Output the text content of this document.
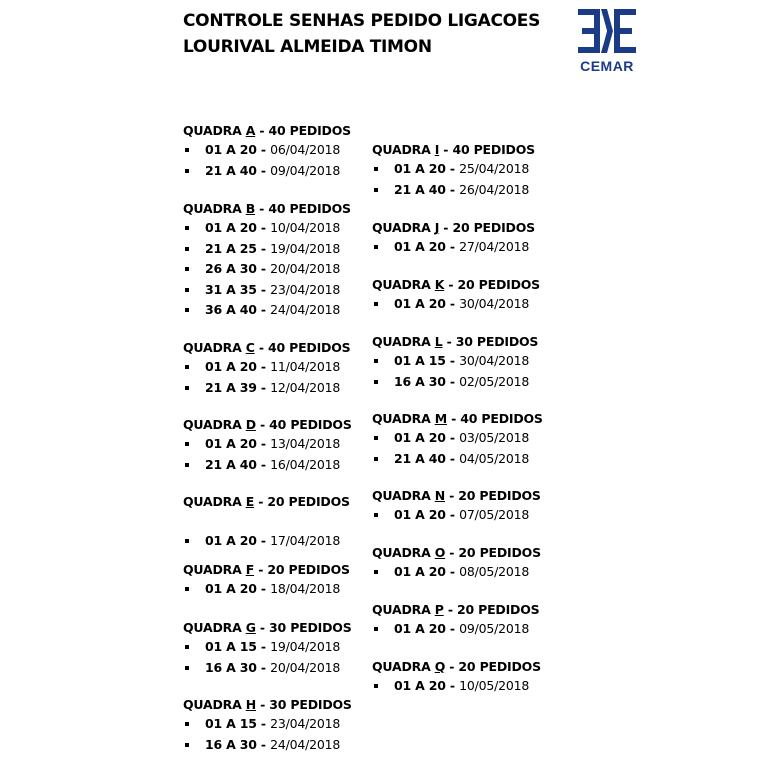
CONTROLE SENHAS PEDIDO LIGACOES
LOURIVAL ALMEIDA TIMON
CEMAR
QUADRA A - 40 PEDIDOS
01 A 20 - 06/04/2018
21 A 40 - 09/04/2018
QUADRA B - 40 PEDIDOS
01 A 20 - 10/04/2018
21 A 25 - 19/04/2018
26 A 30 - 20/04/2018
31 A 35 - 23/04/2018
36 A 40 - 24/04/2018
QUADRA C - 40 PEDIDOS
01 A 20 - 11/04/2018
21 A 39 - 12/04/2018
QUADRA D - 40 PEDIDOS
01 A 20 - 13/04/2018
21 A 40 - 16/04/2018
QUADRA E - 20 PEDIDOS
01 A 20 - 17/04/2018
QUADRA F - 20 PEDIDOS
01 A 20 - 18/04/2018
QUADRA G - 30 PEDIDOS
01 A 15 - 19/04/2018
16 A 30 - 20/04/2018
QUADRA H - 30 PEDIDOS
01 A 15 - 23/04/2018
16 A 30 - 24/04/2018
QUADRA I - 40 PEDIDOS
01 A 20 - 25/04/2018
21 A 40 - 26/04/2018
QUADRA J - 20 PEDIDOS
01 A 20 - 27/04/2018
QUADRA K - 20 PEDIDOS
01 A 20 - 30/04/2018
QUADRA L - 30 PEDIDOS
01 A 15 - 30/04/2018
16 A 30 - 02/05/2018
QUADRA M - 40 PEDIDOS
01 A 20 - 03/05/2018
21 A 40 - 04/05/2018
QUADRA N - 20 PEDIDOS
01 A 20 - 07/05/2018
QUADRA O - 20 PEDIDOS
01 A 20 - 08/05/2018
QUADRA P - 20 PEDIDOS
01 A 20 - 09/05/2018
QUADRA Q - 20 PEDIDOS
01 A 20 - 10/05/2018
